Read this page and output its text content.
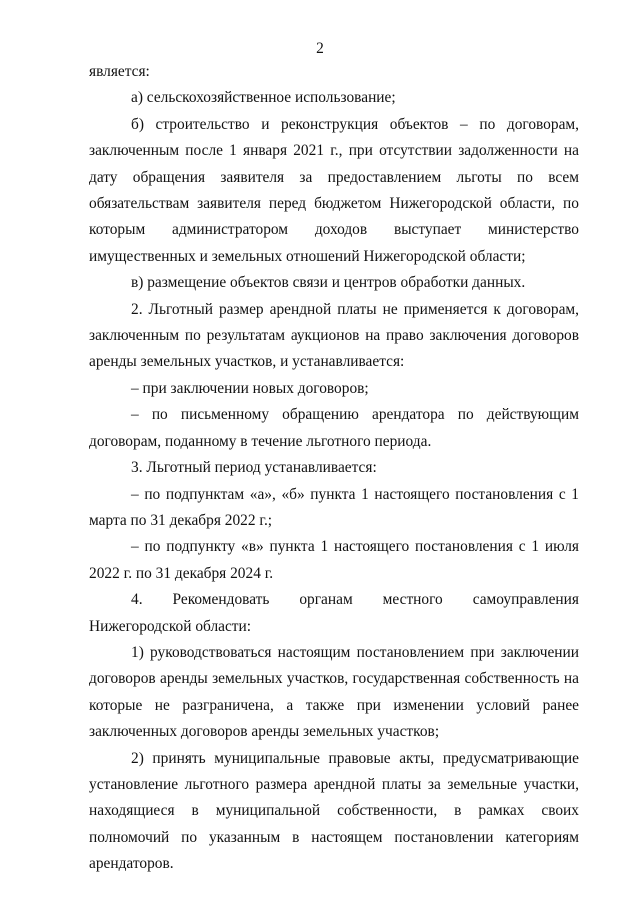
2

является:

а) сельскохозяйственное использование;

б) строительство и реконструкция объектов – по договорам, заключенным после 1 января 2021 г., при отсутствии задолженности на дату обращения заявителя за предоставлением льготы по всем обязательствам заявителя перед бюджетом Нижегородской области, по которым администратором доходов выступает министерство имущественных и земельных отношений Нижегородской области;

в) размещение объектов связи и центров обработки данных.

2. Льготный размер арендной платы не применяется к договорам, заключенным по результатам аукционов на право заключения договоров аренды земельных участков, и устанавливается:

– при заключении новых договоров;

– по письменному обращению арендатора по действующим договорам, поданному в течение льготного периода.

3. Льготный период устанавливается:

– по подпунктам «а», «б» пункта 1 настоящего постановления с 1 марта по 31 декабря 2022 г.;

– по подпункту «в» пункта 1 настоящего постановления с 1 июля 2022 г. по 31 декабря 2024 г.

4. Рекомендовать органам местного самоуправления Нижегородской области:

1) руководствоваться настоящим постановлением при заключении договоров аренды земельных участков, государственная собственность на которые не разграничена, а также при изменении условий ранее заключенных договоров аренды земельных участков;

2) принять муниципальные правовые акты, предусматривающие установление льготного размера арендной платы за земельные участки, находящиеся в муниципальной собственности, в рамках своих полномочий по указанным в настоящем постановлении категориям арендаторов.
